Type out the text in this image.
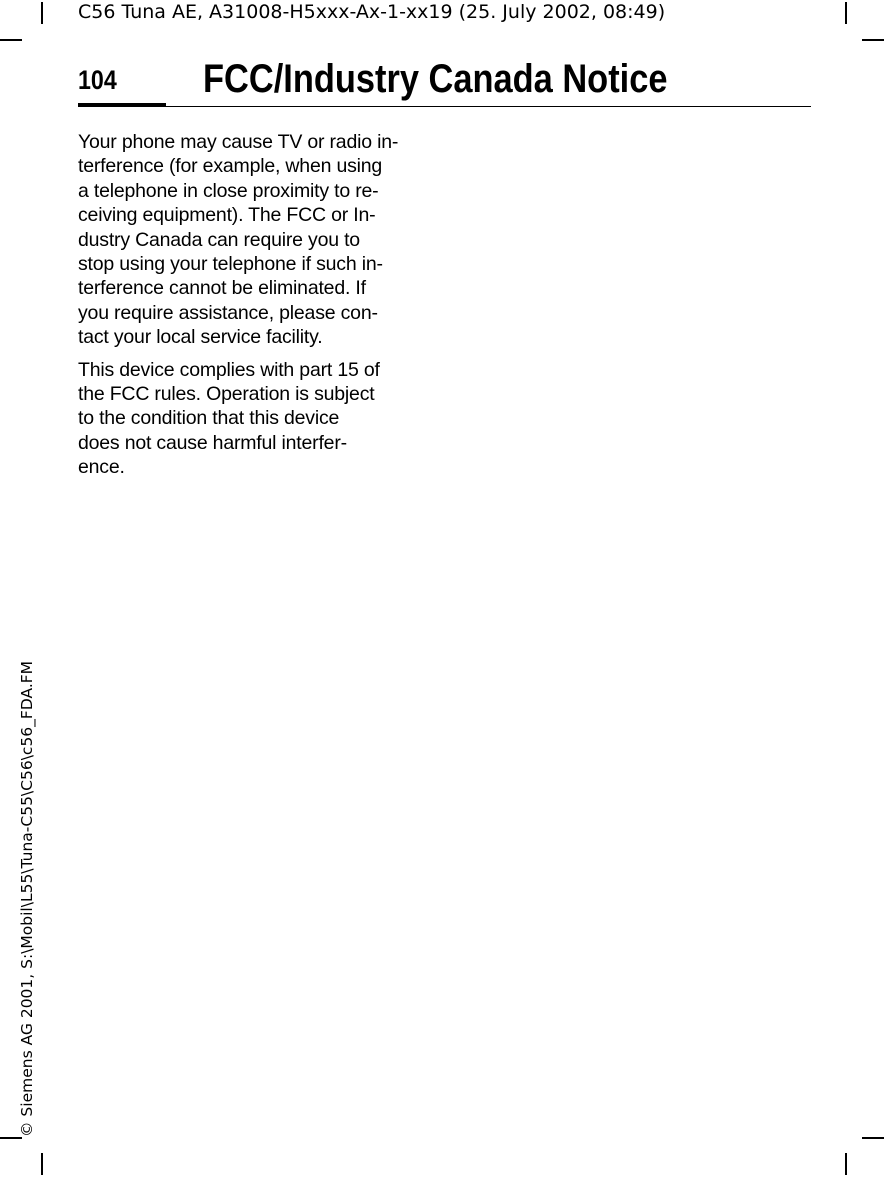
C56 Tuna AE, A31008-H5xxx-Ax-1-xx19 (25. July 2002, 08:49)
© Siemens AG 2001, S:\Mobil\L55\Tuna-C55\C56\c56_FDA.FM
104 FCC/Industry Canada Notice

Your phone may cause TV or radio in-
terference (for example, when using
a telephone in close proximity to re-
ceiving equipment). The FCC or In-
dustry Canada can require you to
stop using your telephone if such in-
terference cannot be eliminated. If
you require assistance, please con-
tact your local service facility.

This device complies with part 15 of
the FCC rules. Operation is subject
to the condition that this device
does not cause harmful interfer-
ence.
